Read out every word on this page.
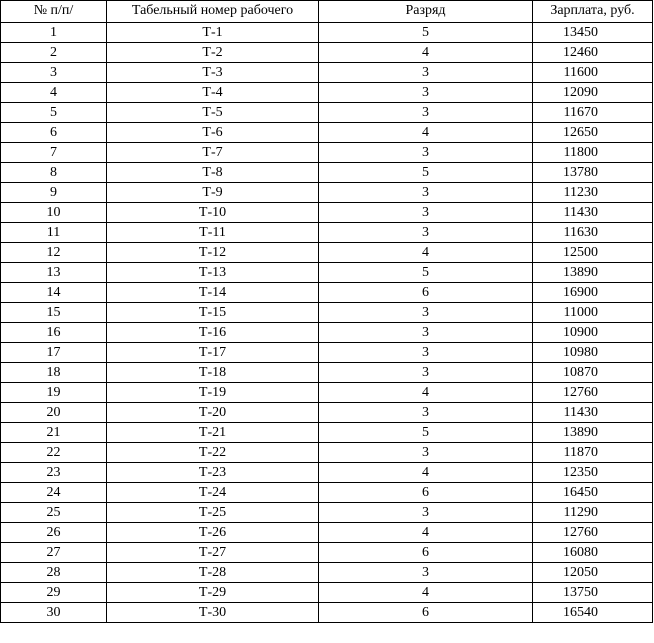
№ п/п/	Табельный номер рабочего	Разряд	Зарплата, руб.
1	Т-1	5	13450
2	Т-2	4	12460
3	Т-3	3	11600
4	Т-4	3	12090
5	Т-5	3	11670
6	Т-6	4	12650
7	Т-7	3	11800
8	Т-8	5	13780
9	Т-9	3	11230
10	Т-10	3	11430
11	Т-11	3	11630
12	Т-12	4	12500
13	Т-13	5	13890
14	Т-14	6	16900
15	Т-15	3	11000
16	Т-16	3	10900
17	Т-17	3	10980
18	Т-18	3	10870
19	Т-19	4	12760
20	Т-20	3	11430
21	Т-21	5	13890
22	Т-22	3	11870
23	Т-23	4	12350
24	Т-24	6	16450
25	Т-25	3	11290
26	Т-26	4	12760
27	Т-27	6	16080
28	Т-28	3	12050
29	Т-29	4	13750
30	Т-30	6	16540
